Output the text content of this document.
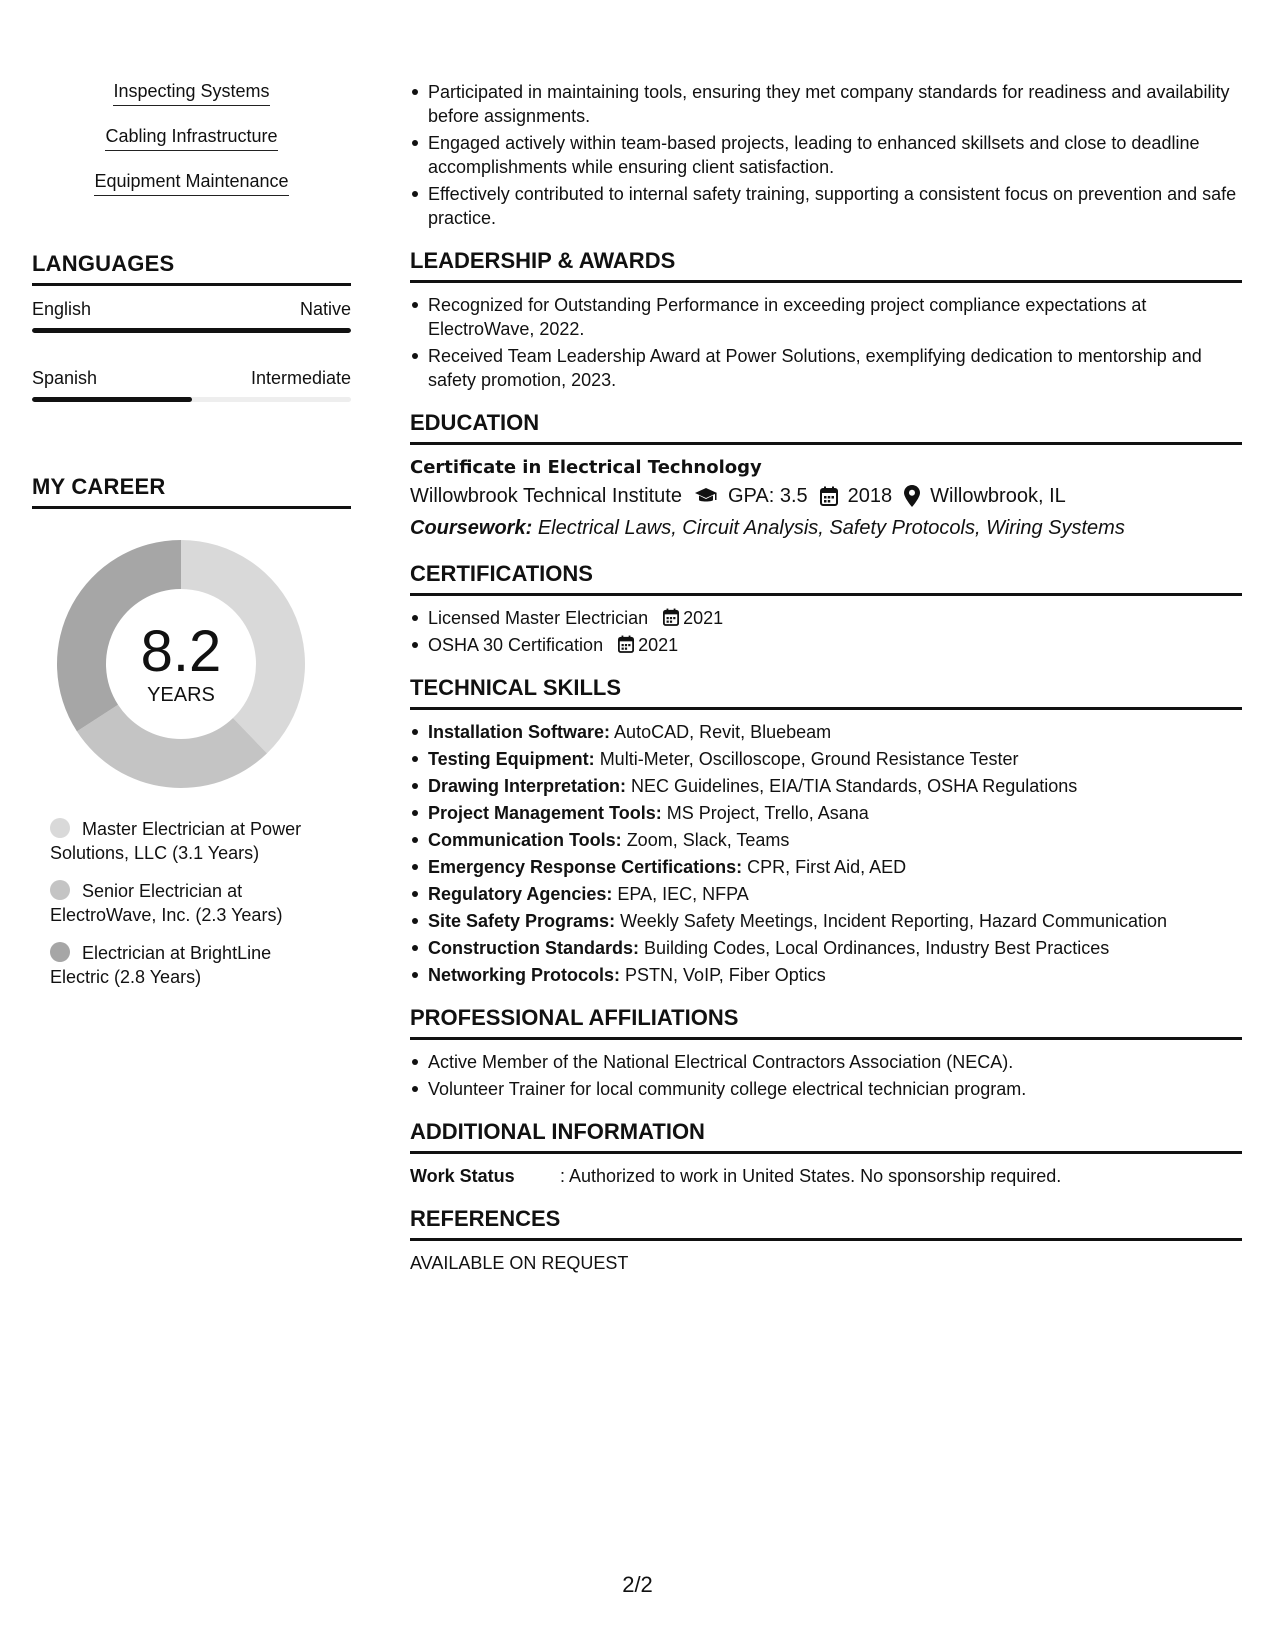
Inspecting Systems
Cabling Infrastructure
Equipment Maintenance
LANGUAGES
English	Native
Spanish	Intermediate
MY CAREER
8.2
YEARS
Master Electrician at Power Solutions, LLC (3.1 Years)
Senior Electrician at ElectroWave, Inc. (2.3 Years)
Electrician at BrightLine Electric (2.8 Years)
Participated in maintaining tools, ensuring they met company standards for readiness and availability before assignments.
Engaged actively within team-based projects, leading to enhanced skillsets and close to deadline accomplishments while ensuring client satisfaction.
Effectively contributed to internal safety training, supporting a consistent focus on prevention and safe practice.
LEADERSHIP & AWARDS
Recognized for Outstanding Performance in exceeding project compliance expectations at ElectroWave, 2022.
Received Team Leadership Award at Power Solutions, exemplifying dedication to mentorship and safety promotion, 2023.
EDUCATION
Certificate in Electrical Technology
Willowbrook Technical Institute GPA: 3.5 2018 Willowbrook, IL
Coursework: Electrical Laws, Circuit Analysis, Safety Protocols, Wiring Systems
CERTIFICATIONS
Licensed Master Electrician 2021
OSHA 30 Certification 2021
TECHNICAL SKILLS
Installation Software: AutoCAD, Revit, Bluebeam
Testing Equipment: Multi-Meter, Oscilloscope, Ground Resistance Tester
Drawing Interpretation: NEC Guidelines, EIA/TIA Standards, OSHA Regulations
Project Management Tools: MS Project, Trello, Asana
Communication Tools: Zoom, Slack, Teams
Emergency Response Certifications: CPR, First Aid, AED
Regulatory Agencies: EPA, IEC, NFPA
Site Safety Programs: Weekly Safety Meetings, Incident Reporting, Hazard Communication
Construction Standards: Building Codes, Local Ordinances, Industry Best Practices
Networking Protocols: PSTN, VoIP, Fiber Optics
PROFESSIONAL AFFILIATIONS
Active Member of the National Electrical Contractors Association (NECA).
Volunteer Trainer for local community college electrical technician program.
ADDITIONAL INFORMATION
Work Status	: Authorized to work in United States. No sponsorship required.
REFERENCES
AVAILABLE ON REQUEST
2/2
